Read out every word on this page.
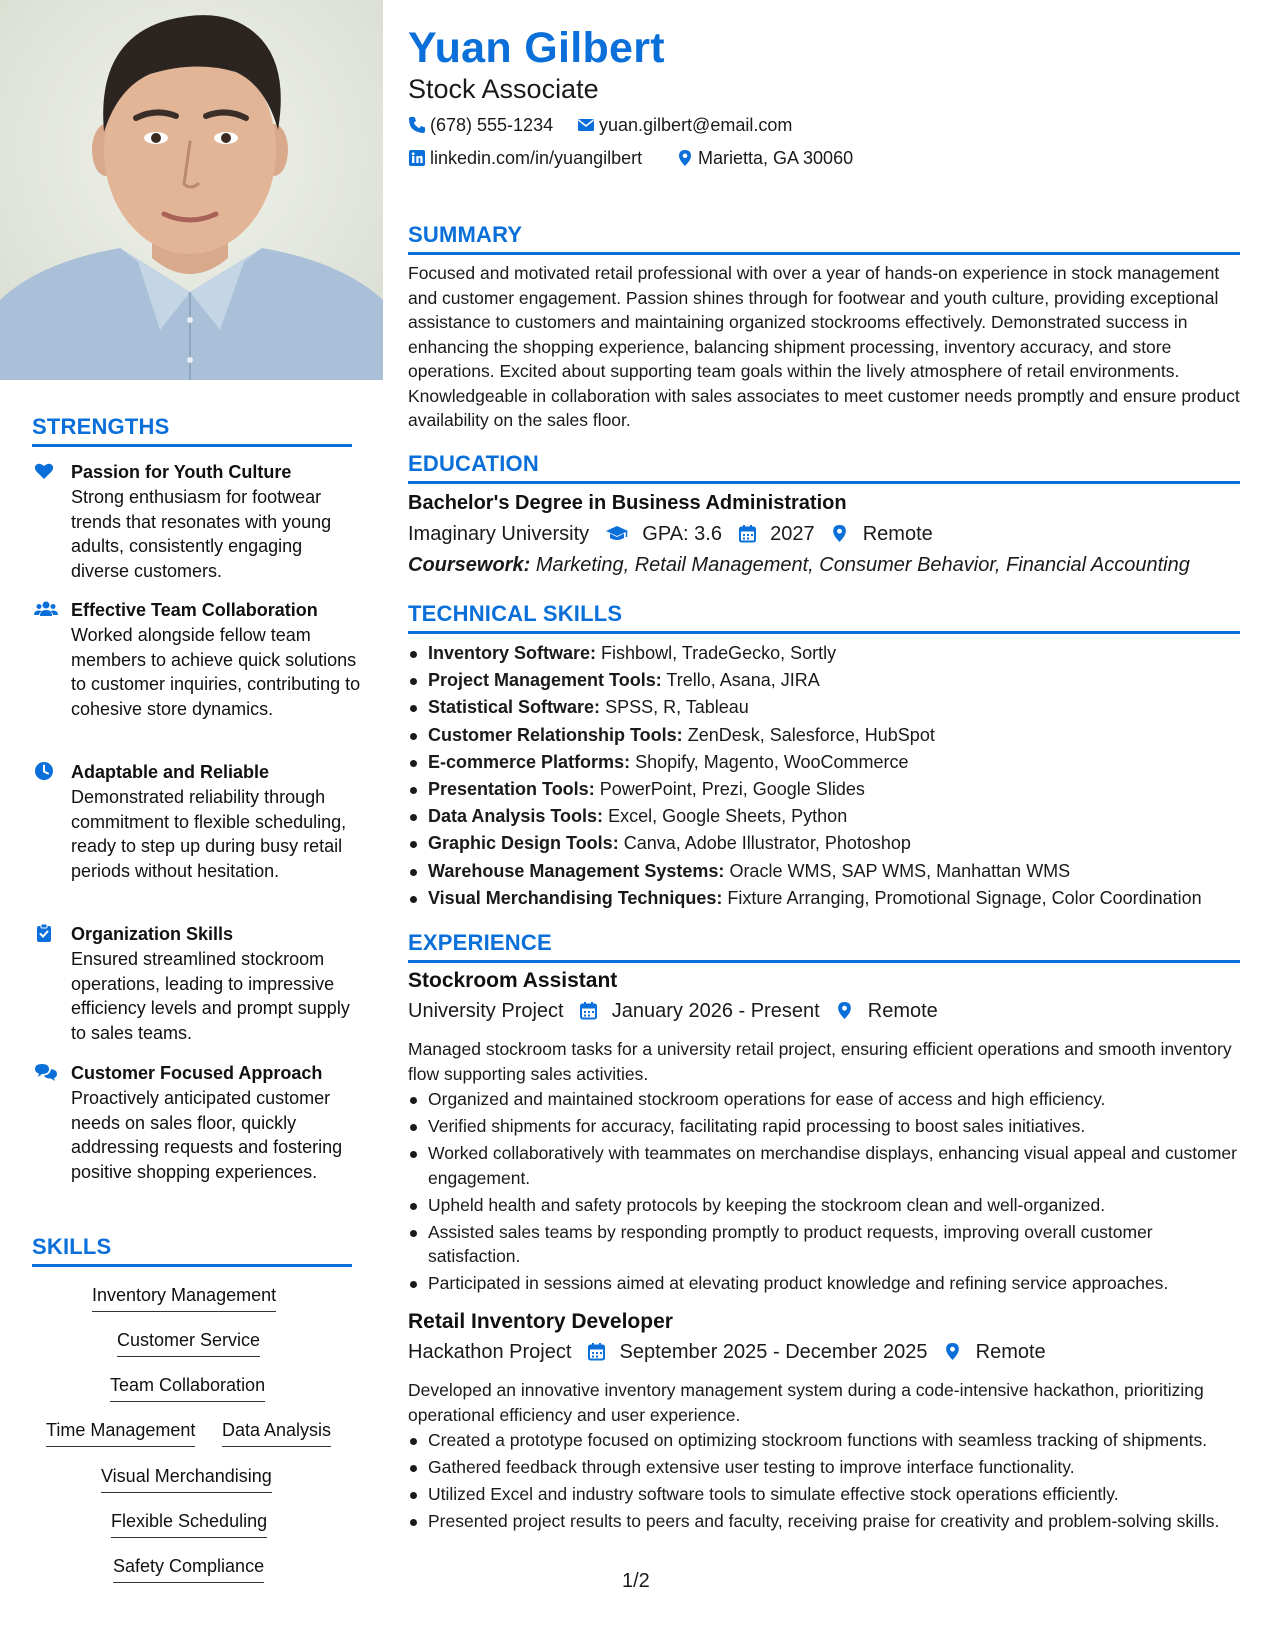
STRENGTHS
Passion for Youth Culture
Strong enthusiasm for footwear trends that resonates with young adults, consistently engaging diverse customers.
Effective Team Collaboration
Worked alongside fellow team members to achieve quick solutions to customer inquiries, contributing to cohesive store dynamics.
Adaptable and Reliable
Demonstrated reliability through commitment to flexible scheduling, ready to step up during busy retail periods without hesitation.
Organization Skills
Ensured streamlined stockroom operations, leading to impressive efficiency levels and prompt supply to sales teams.
Customer Focused Approach
Proactively anticipated customer needs on sales floor, quickly addressing requests and fostering positive shopping experiences.
SKILLS
Inventory Management
Customer Service
Team Collaboration
Time Management Data Analysis
Visual Merchandising
Flexible Scheduling
Safety Compliance
Yuan Gilbert
Stock Associate
(678) 555-1234	yuan.gilbert@email.com
linkedin.com/in/yuangilbert	Marietta, GA 30060
SUMMARY
Focused and motivated retail professional with over a year of hands-on experience in stock management and customer engagement. Passion shines through for footwear and youth culture, providing exceptional assistance to customers and maintaining organized stockrooms effectively. Demonstrated success in enhancing the shopping experience, balancing shipment processing, inventory accuracy, and store operations. Excited about supporting team goals within the lively atmosphere of retail environments. Knowledgeable in collaboration with sales associates to meet customer needs promptly and ensure product availability on the sales floor.
EDUCATION
Bachelor's Degree in Business Administration
Imaginary University	GPA: 3.6 2027 Remote
Coursework: Marketing, Retail Management, Consumer Behavior, Financial Accounting
TECHNICAL SKILLS
Inventory Software: Fishbowl, TradeGecko, Sortly
Project Management Tools: Trello, Asana, JIRA
Statistical Software: SPSS, R, Tableau
Customer Relationship Tools: ZenDesk, Salesforce, HubSpot
E-commerce Platforms: Shopify, Magento, WooCommerce
Presentation Tools: PowerPoint, Prezi, Google Slides
Data Analysis Tools: Excel, Google Sheets, Python
Graphic Design Tools: Canva, Adobe Illustrator, Photoshop
Warehouse Management Systems: Oracle WMS, SAP WMS, Manhattan WMS
Visual Merchandising Techniques: Fixture Arranging, Promotional Signage, Color Coordination
EXPERIENCE
Stockroom Assistant
University Project January 2026 - Present Remote
Managed stockroom tasks for a university retail project, ensuring efficient operations and smooth inventory flow supporting sales activities.
Organized and maintained stockroom operations for ease of access and high efficiency.
Verified shipments for accuracy, facilitating rapid processing to boost sales initiatives.
Worked collaboratively with teammates on merchandise displays, enhancing visual appeal and customer engagement.
Upheld health and safety protocols by keeping the stockroom clean and well-organized.
Assisted sales teams by responding promptly to product requests, improving overall customer satisfaction.
Participated in sessions aimed at elevating product knowledge and refining service approaches.
Retail Inventory Developer
Hackathon Project September 2025 - December 2025 Remote
Developed an innovative inventory management system during a code-intensive hackathon, prioritizing operational efficiency and user experience.
Created a prototype focused on optimizing stockroom functions with seamless tracking of shipments.
Gathered feedback through extensive user testing to improve interface functionality.
Utilized Excel and industry software tools to simulate effective stock operations efficiently.
Presented project results to peers and faculty, receiving praise for creativity and problem-solving skills.
1/2
